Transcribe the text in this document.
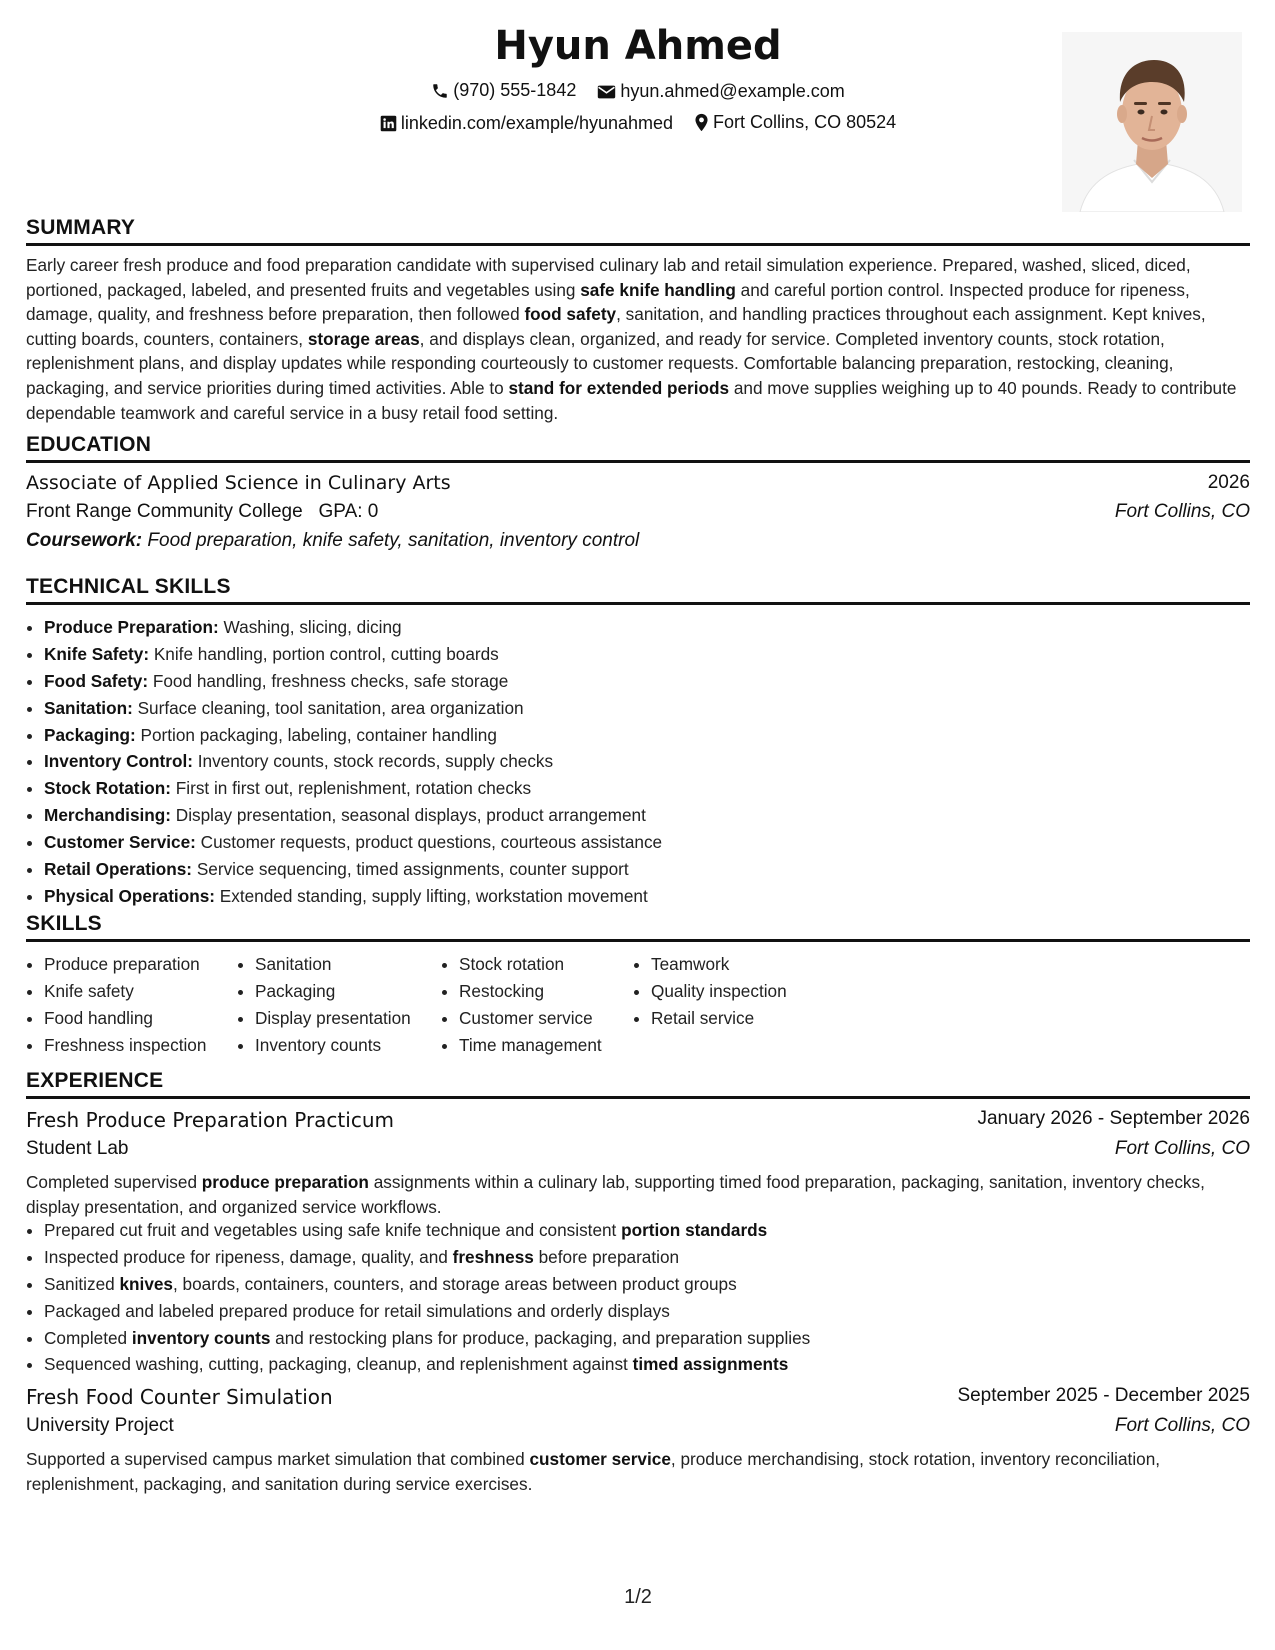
Hyun Ahmed
(970) 555-1842
hyun.ahmed@example.com
linkedin.com/example/hyunahmed
Fort Collins, CO 80524
SUMMARY
Early career fresh produce and food preparation candidate with supervised culinary lab and retail simulation experience. Prepared, washed, sliced, diced, portioned, packaged, labeled, and presented fruits and vegetables using safe knife handling and careful portion control. Inspected produce for ripeness, damage, quality, and freshness before preparation, then followed food safety, sanitation, and handling practices throughout each assignment. Kept knives, cutting boards, counters, containers, storage areas, and displays clean, organized, and ready for service. Completed inventory counts, stock rotation, replenishment plans, and display updates while responding courteously to customer requests. Comfortable balancing preparation, restocking, cleaning, packaging, and service priorities during timed activities. Able to stand for extended periods and move supplies weighing up to 40 pounds. Ready to contribute dependable teamwork and careful service in a busy retail food setting.
EDUCATION
Associate of Applied Science in Culinary Arts	2026
Front Range Community College GPA: 0	Fort Collins, CO
Coursework: Food preparation, knife safety, sanitation, inventory control
TECHNICAL SKILLS
• Produce Preparation: Washing, slicing, dicing
• Knife Safety: Knife handling, portion control, cutting boards
• Food Safety: Food handling, freshness checks, safe storage
• Sanitation: Surface cleaning, tool sanitation, area organization
• Packaging: Portion packaging, labeling, container handling
• Inventory Control: Inventory counts, stock records, supply checks
• Stock Rotation: First in first out, replenishment, rotation checks
• Merchandising: Display presentation, seasonal displays, product arrangement
• Customer Service: Customer requests, product questions, courteous assistance
• Retail Operations: Service sequencing, timed assignments, counter support
• Physical Operations: Extended standing, supply lifting, workstation movement
SKILLS
• Produce preparation
• Knife safety
• Food handling
• Freshness inspection
• Sanitation
• Packaging
• Display presentation
• Inventory counts
• Stock rotation
• Restocking
• Customer service
• Time management
• Teamwork
• Quality inspection
• Retail service
EXPERIENCE
Fresh Produce Preparation Practicum	January 2026 - September 2026
Student Lab	Fort Collins, CO
Completed supervised produce preparation assignments within a culinary lab, supporting timed food preparation, packaging, sanitation, inventory checks, display presentation, and organized service workflows.
• Prepared cut fruit and vegetables using safe knife technique and consistent portion standards
• Inspected produce for ripeness, damage, quality, and freshness before preparation
• Sanitized knives, boards, containers, counters, and storage areas between product groups
• Packaged and labeled prepared produce for retail simulations and orderly displays
• Completed inventory counts and restocking plans for produce, packaging, and preparation supplies
• Sequenced washing, cutting, packaging, cleanup, and replenishment against timed assignments
Fresh Food Counter Simulation	September 2025 - December 2025
University Project	Fort Collins, CO
Supported a supervised campus market simulation that combined customer service, produce merchandising, stock rotation, inventory reconciliation, replenishment, packaging, and sanitation during service exercises.
1/2
